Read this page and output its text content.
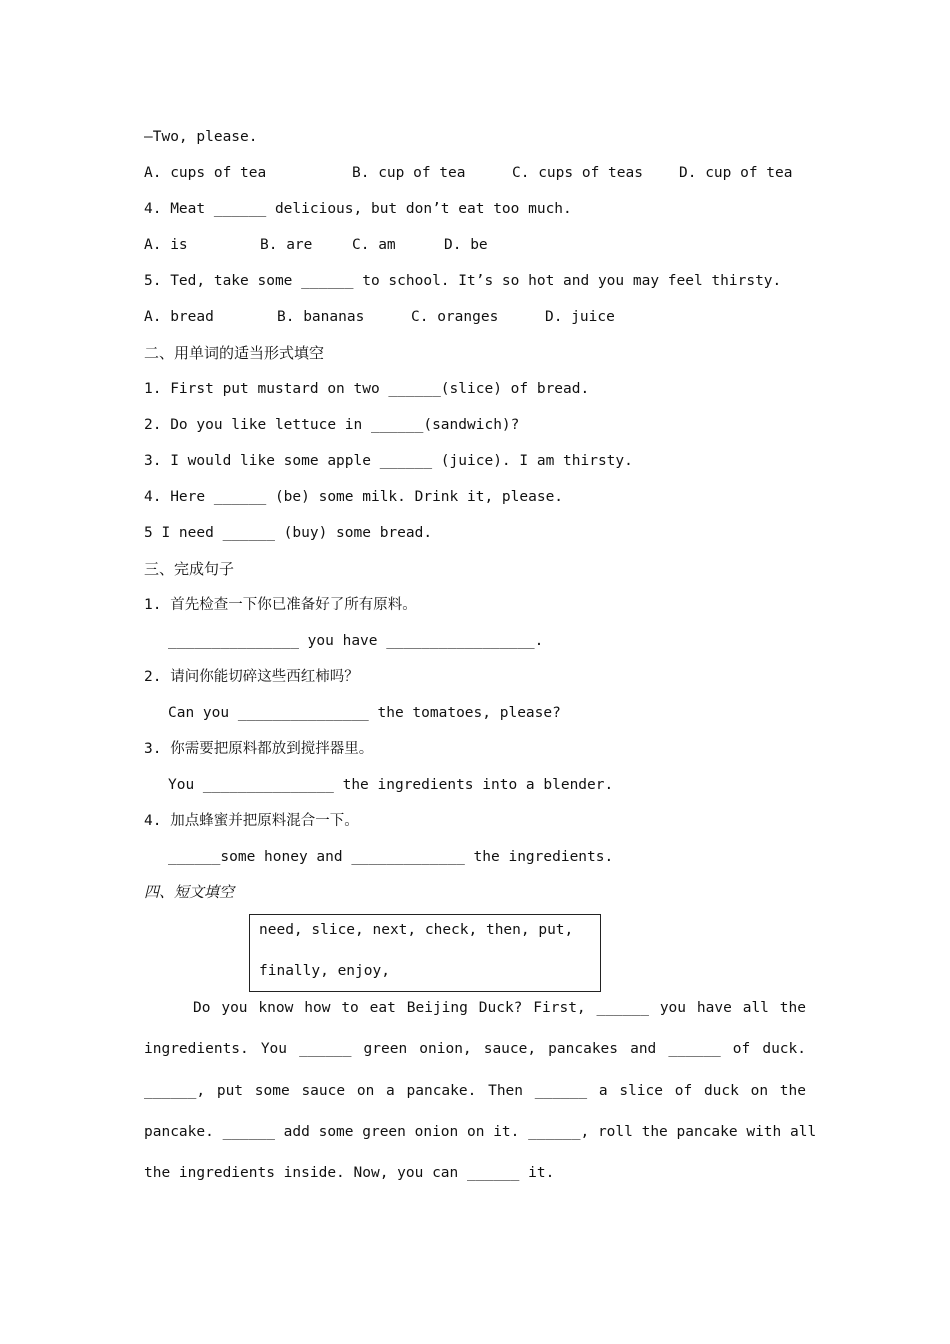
—Two, please.
A. cups of tea	B. cup of tea	C. cups of teas D. cup of tea
4. Meat ______ delicious, but don’t eat too much.
A. is	B. are	C. am	D. be
5. Ted, take some ______ to school. It’s so hot and you may feel thirsty.
A. bread	B. bananas	C. oranges	D. juice
二、用单词的适当形式填空
1. First put mustard on two ______(slice) of bread.
2. Do you like lettuce in ______(sandwich)?
3. I would like some apple ______ (juice). I am thirsty.
4. Here ______ (be) some milk. Drink it, please.
5 I need ______ (buy) some bread.
三、完成句子
1. 首先检查一下你已准备好了所有原料。
_______________ you have _________________.
2. 请问你能切碎这些西红柿吗？
Can you _______________ the tomatoes, please?
3. 你需要把原料都放到搅拌器里。
You _______________ the ingredients into a blender.
4. 加点蜂蜜并把原料混合一下。
______some honey and _____________ the ingredients.
四、短文填空
need, slice, next, check, then, put,
finally, enjoy,
Do you know how to eat Beijing Duck? First, ______ you have all the
ingredients. You ______ green onion, sauce, pancakes and ______ of duck.
______, put some sauce on a pancake. Then ______ a slice of duck on the
pancake. ______ add some green onion on it. ______, roll the pancake with all
the ingredients inside. Now, you can ______ it.
